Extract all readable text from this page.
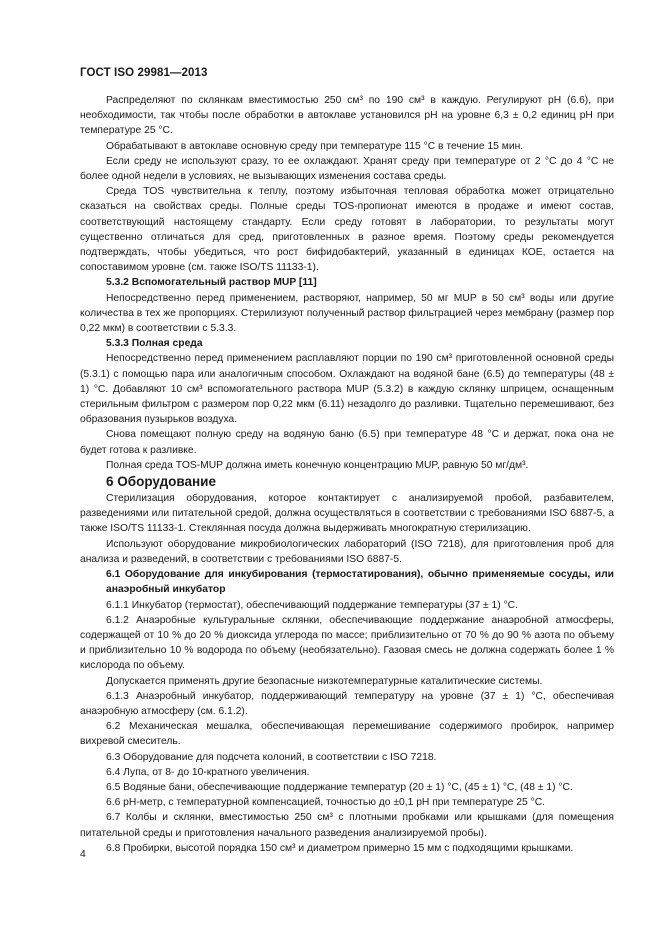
ГОСТ ISO 29981—2013

Распределяют по склянкам вместимостью 250 см³ по 190 см³ в каждую. Регулируют pH (6.6), при необходимости, так чтобы после обработки в автоклаве установился pH на уровне 6,3 ± 0,2 единиц pH при температуре 25 °C.

Обрабатывают в автоклаве основную среду при температуре 115 °C в течение 15 мин.

Если среду не используют сразу, то ее охлаждают. Хранят среду при температуре от 2 °C до 4 °C не более одной недели в условиях, не вызывающих изменения состава среды.

Среда TOS чувствительна к теплу, поэтому избыточная тепловая обработка может отрицательно сказаться на свойствах среды. Полные среды TOS-пропионат имеются в продаже и имеют состав, соответствующий настоящему стандарту. Если среду готовят в лаборатории, то результаты могут существенно отличаться для сред, приготовленных в разное время. Поэтому среды рекомендуется подтверждать, чтобы убедиться, что рост бифидобактерий, указанный в единицах КОЕ, остается на сопоставимом уровне (см. также ISO/TS 11133-1).

5.3.2 Вспомогательный раствор MUP [11]

Непосредственно перед применением, растворяют, например, 50 мг MUP в 50 см³ воды или другие количества в тех же пропорциях. Стерилизуют полученный раствор фильтрацией через мембрану (размер пор 0,22 мкм) в соответствии с 5.3.3.

5.3.3 Полная среда

Непосредственно перед применением расплавляют порции по 190 см³ приготовленной основной среды (5.3.1) с помощью пара или аналогичным способом. Охлаждают на водяной бане (6.5) до температуры (48 ± 1) °C. Добавляют 10 см³ вспомогательного раствора MUP (5.3.2) в каждую склянку шприцем, оснащенным стерильным фильтром с размером пор 0,22 мкм (6.11) незадолго до разливки. Тщательно перемешивают, без образования пузырьков воздуха.

Снова помещают полную среду на водяную баню (6.5) при температуре 48 °C и держат, пока она не будет готова к разливке.

Полная среда TOS-MUP должна иметь конечную концентрацию MUP, равную 50 мг/дм³.

6 Оборудование

Стерилизация оборудования, которое контактирует с анализируемой пробой, разбавителем, разведениями или питательной средой, должна осуществляться в соответствии с требованиями ISO 6887-5, а также ISO/TS 11133-1. Стеклянная посуда должна выдерживать многократную стерилизацию.

Используют оборудование микробиологических лабораторий (ISO 7218), для приготовления проб для анализа и разведений, в соответствии с требованиями ISO 6887-5.

6.1 Оборудование для инкубирования (термостатирования), обычно применяемые сосуды, или анаэробный инкубатор

6.1.1 Инкубатор (термостат), обеспечивающий поддержание температуры (37 ± 1) °C.

6.1.2 Анаэробные культуральные склянки, обеспечивающие поддержание анаэробной атмосферы, содержащей от 10 % до 20 % диоксида углерода по массе; приблизительно от 70 % до 90 % азота по объему и приблизительно 10 % водорода по объему (необязательно). Газовая смесь не должна содержать более 1 % кислорода по объему.

Допускается применять другие безопасные низкотемпературные каталитические системы.

6.1.3 Анаэробный инкубатор, поддерживающий температуру на уровне (37 ± 1) °C, обеспечивая анаэробную атмосферу (см. 6.1.2).

6.2 Механическая мешалка, обеспечивающая перемешивание содержимого пробирок, например вихревой смеситель.

6.3 Оборудование для подсчета колоний, в соответствии с ISO 7218.

6.4 Лупа, от 8- до 10-кратного увеличения.

6.5 Водяные бани, обеспечивающие поддержание температур (20 ± 1) °C, (45 ± 1) °C, (48 ± 1) °C.

6.6 pH-метр, с температурной компенсацией, точностью до ±0,1 pH при температуре 25 °C.

6.7 Колбы и склянки, вместимостью 250 см³ с плотными пробками или крышками (для помещения питательной среды и приготовления начального разведения анализируемой пробы).

6.8 Пробирки, высотой порядка 150 см³ и диаметром примерно 15 мм с подходящими крышками.

4
